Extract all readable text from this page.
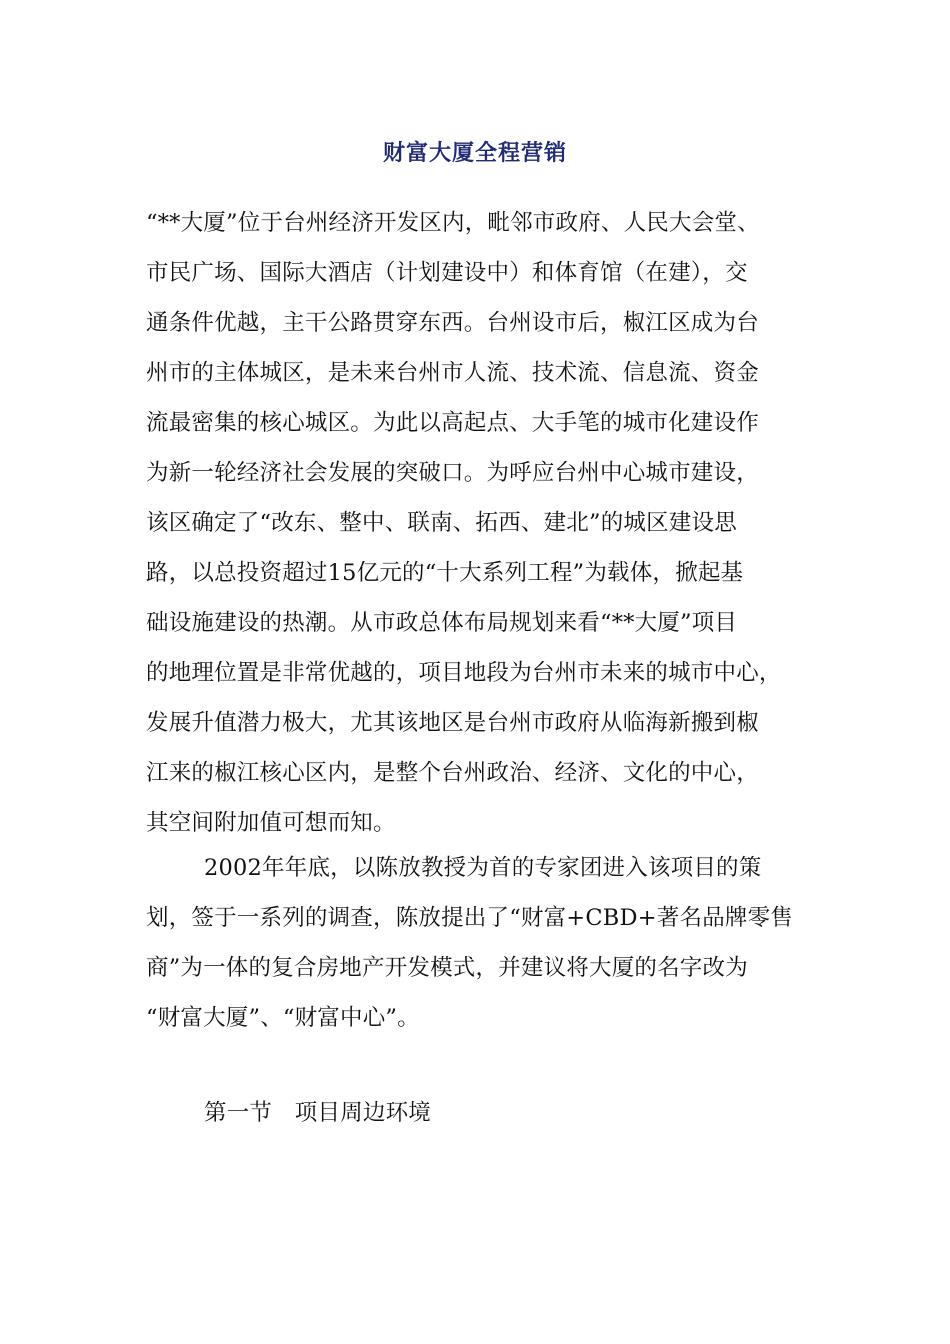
财富大厦全程营销
“**大厦”位于台州经济开发区内，毗邻市政府、人民大会堂、
市民广场、国际大酒店（计划建设中）和体育馆（在建），交
通条件优越，主干公路贯穿东西。台州设市后，椒江区成为台
州市的主体城区，是未来台州市人流、技术流、信息流、资金
流最密集的核心城区。为此以高起点、大手笔的城市化建设作
为新一轮经济社会发展的突破口。为呼应台州中心城市建设，
该区确定了“改东、整中、联南、拓西、建北”的城区建设思
路，以总投资超过15亿元的“十大系列工程”为载体，掀起基
础设施建设的热潮。从市政总体布局规划来看“**大厦”项目
的地理位置是非常优越的，项目地段为台州市未来的城市中心，
发展升值潜力极大，尤其该地区是台州市政府从临海新搬到椒
江来的椒江核心区内，是整个台州政治、经济、文化的中心，
其空间附加值可想而知。
2002年年底，以陈放教授为首的专家团进入该项目的策
划，签于一系列的调查，陈放提出了“财富+CBD+著名品牌零售
商”为一体的复合房地产开发模式，并建议将大厦的名字改为
“财富大厦”、“财富中心”。
第一节　项目周边环境
